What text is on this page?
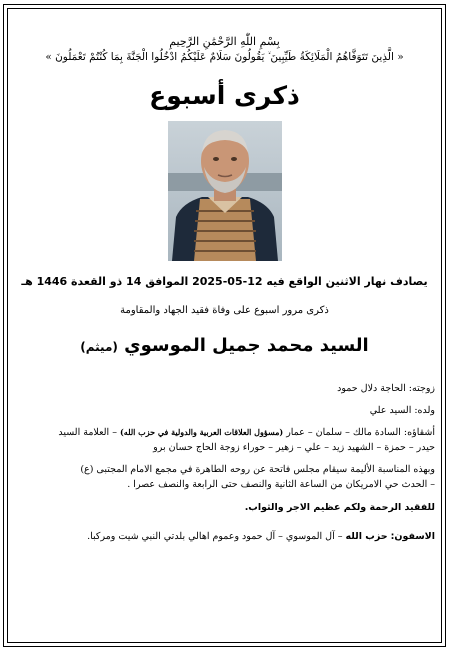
بِسْمِ اللّٰهِ الرَّحْمَٰنِ الرَّحِيمِ

« الَّذِينَ تَتَوَفَّاهُمُ الْمَلَائِكَةُ طَيِّبِينَ ۙ يَقُولُونَ سَلَامٌ عَلَيْكُمُ ادْخُلُوا الْجَنَّةَ بِمَا كُنْتُمْ تَعْمَلُونَ »

ذكرى أسبوع

يصادف نهار الاثنين الواقع فيه 12-05-2025 الموافق 14 ذو القعدة 1446 هـ

ذكرى مرور اسبوع على وفاة فقيد الجهاد والمقاومة

السيد محمد جميل الموسوي (ميثم)

زوجته: الحاجة دلال حمود

ولده: السيد علي

أشقاؤه: السادة مالك – سلمان – عمار (مسؤول العلاقات العربية والدولية في حزب الله) – العلامة السيد

حيدر – حمزة – الشهيد زيد – علي – زهير – حوراء زوجة الحاج حسان برو

وبهذه المناسبة الأليمة سيقام مجلس فاتحة عن روحه الطاهرة في مجمع الامام المجتبى (ع)

– الحدث حي الامريكان من الساعة الثانية والنصف حتى الرابعة والنصف عصرا .

للفقيد الرحمة ولكم عظيم الاجر والثواب.

الاسفون: حزب الله – آل الموسوي – آل حمود وعموم اهالي بلدتي النبي شيت ومركبا.
